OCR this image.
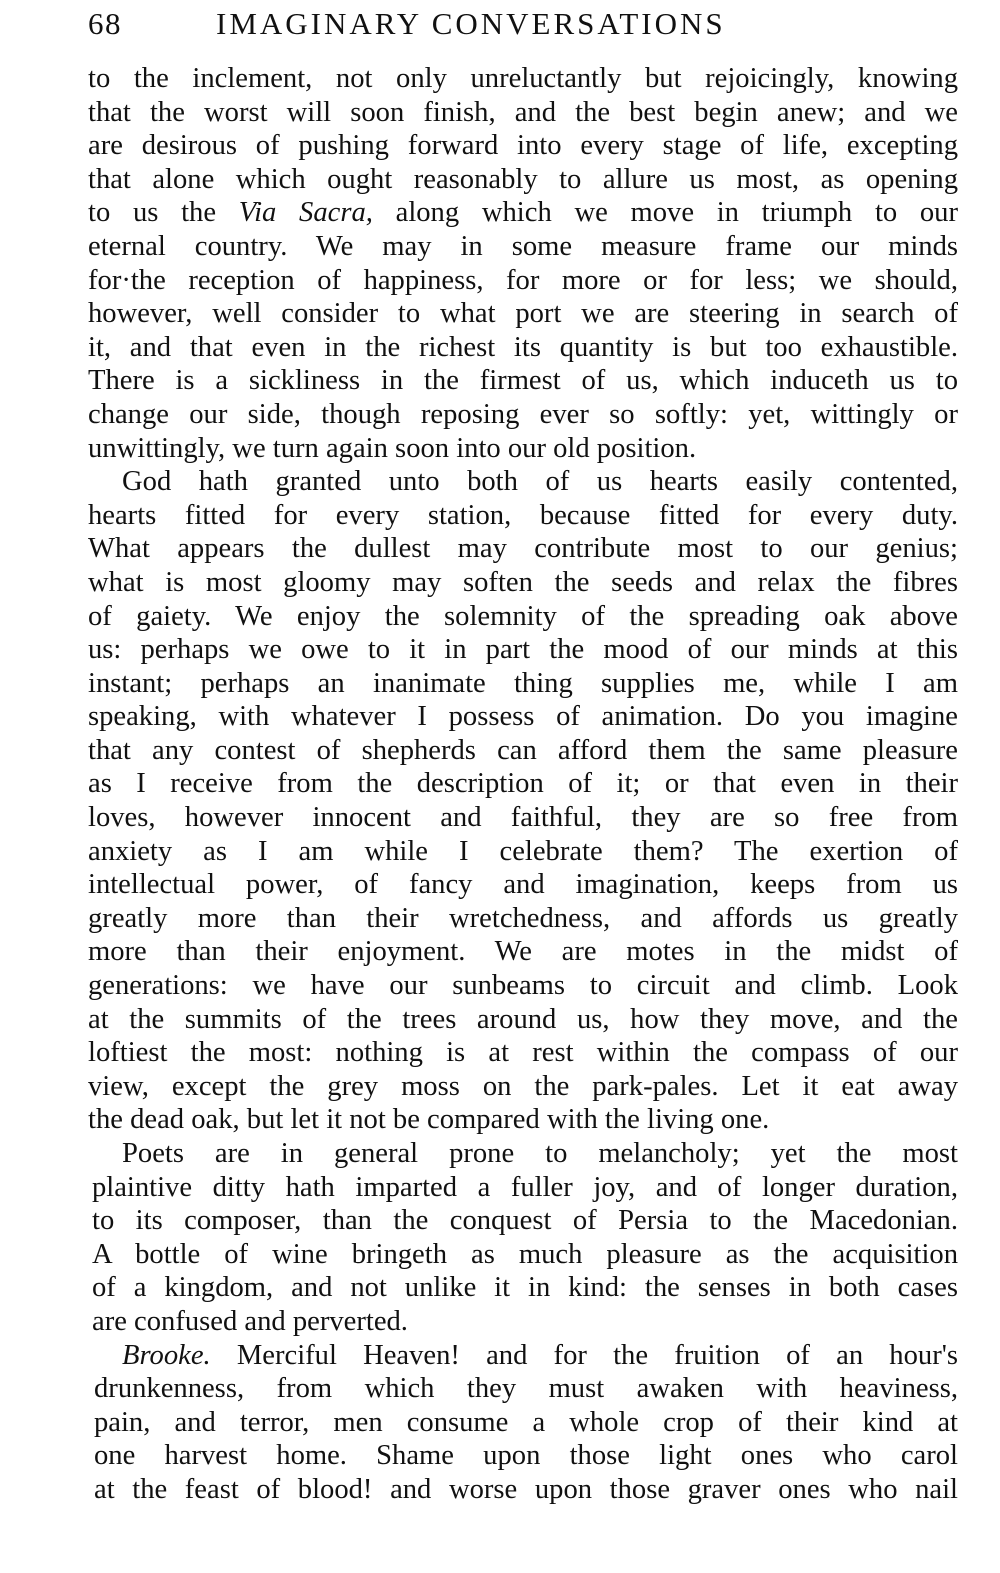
68	IMAGINARY CONVERSATIONS
to the inclement, not only unreluctantly but rejoicingly, knowing
that the worst will soon finish, and the best begin anew; and we
are desirous of pushing forward into every stage of life, excepting
that alone which ought reasonably to allure us most, as opening
to us the Via Sacra, along which we move in triumph to our
eternal country. We may in some measure frame our minds
for·the reception of happiness, for more or for less; we should,
however, well consider to what port we are steering in search of
it, and that even in the richest its quantity is but too exhaustible.
There is a sickliness in the firmest of us, which induceth us to
change our side, though reposing ever so softly: yet, wittingly or
unwittingly, we turn again soon into our old position.
God hath granted unto both of us hearts easily contented,
hearts fitted for every station, because fitted for every duty.
What appears the dullest may contribute most to our genius;
what is most gloomy may soften the seeds and relax the fibres
of gaiety. We enjoy the solemnity of the spreading oak above
us: perhaps we owe to it in part the mood of our minds at this
instant; perhaps an inanimate thing supplies me, while I am
speaking, with whatever I possess of animation. Do you imagine
that any contest of shepherds can afford them the same pleasure
as I receive from the description of it; or that even in their
loves, however innocent and faithful, they are so free from
anxiety as I am while I celebrate them? The exertion of
intellectual power, of fancy and imagination, keeps from us
greatly more than their wretchedness, and affords us greatly
more than their enjoyment. We are motes in the midst of
generations: we have our sunbeams to circuit and climb. Look
at the summits of the trees around us, how they move, and the
loftiest the most: nothing is at rest within the compass of our
view, except the grey moss on the park-pales. Let it eat away
the dead oak, but let it not be compared with the living one.
Poets are in general prone to melancholy; yet the most
plaintive ditty hath imparted a fuller joy, and of longer duration,
to its composer, than the conquest of Persia to the Macedonian.
A bottle of wine bringeth as much pleasure as the acquisition
of a kingdom, and not unlike it in kind: the senses in both cases
are confused and perverted.
Brooke. Merciful Heaven! and for the fruition of an hour's
drunkenness, from which they must awaken with heaviness,
pain, and terror, men consume a whole crop of their kind at
one harvest home. Shame upon those light ones who carol
at the feast of blood! and worse upon those graver ones who nail
